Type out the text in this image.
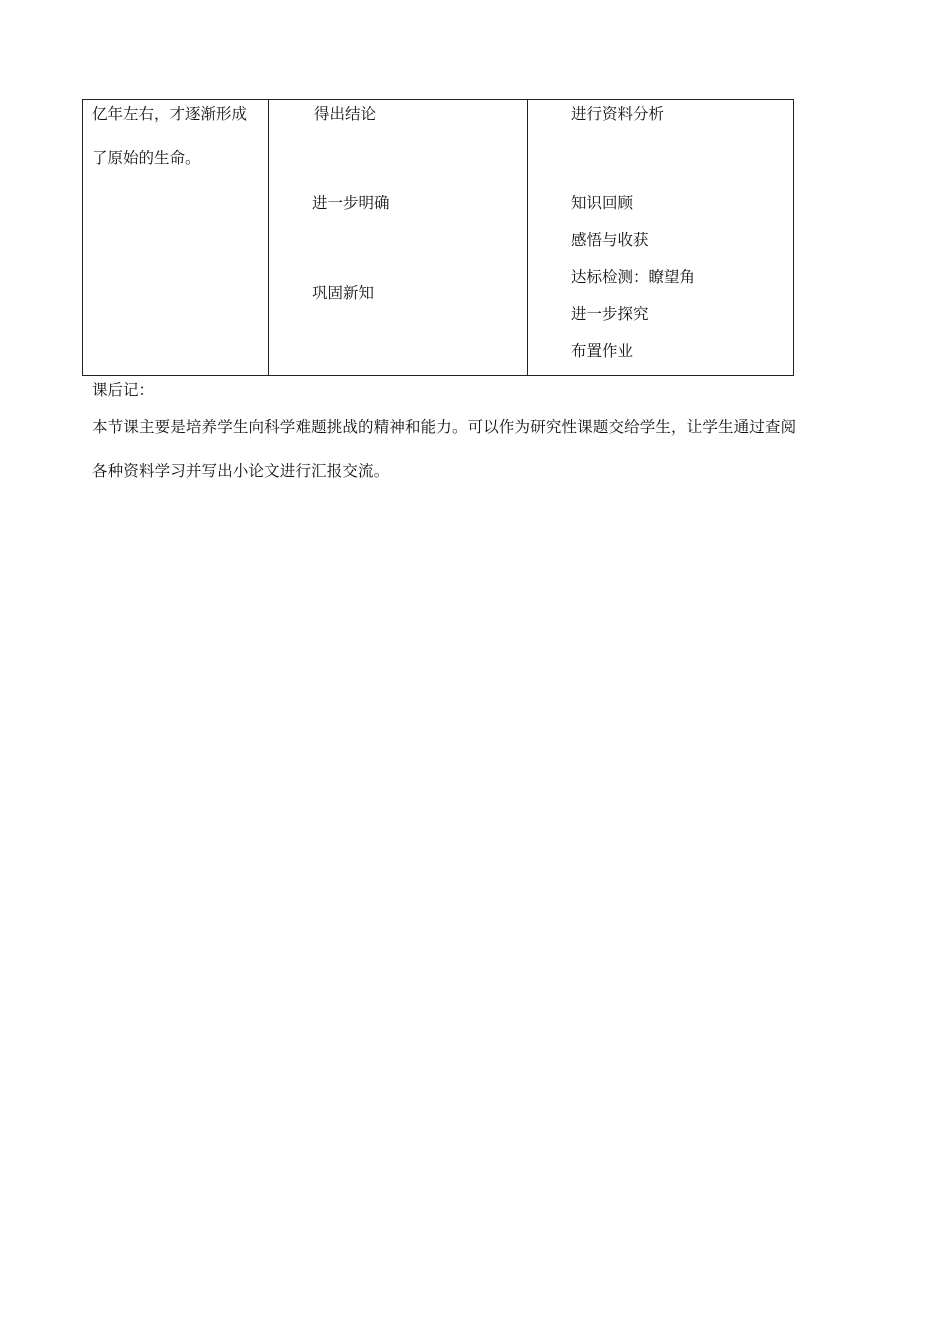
亿年左右，才逐渐形成
了原始的生命。
得出结论
进一步明确
巩固新知
进行资料分析
知识回顾
感悟与收获
达标检测：瞭望角
进一步探究
布置作业
课后记：
本节课主要是培养学生向科学难题挑战的精神和能力。可以作为研究性课题交给学生，让学生通过查阅
各种资料学习并写出小论文进行汇报交流。
